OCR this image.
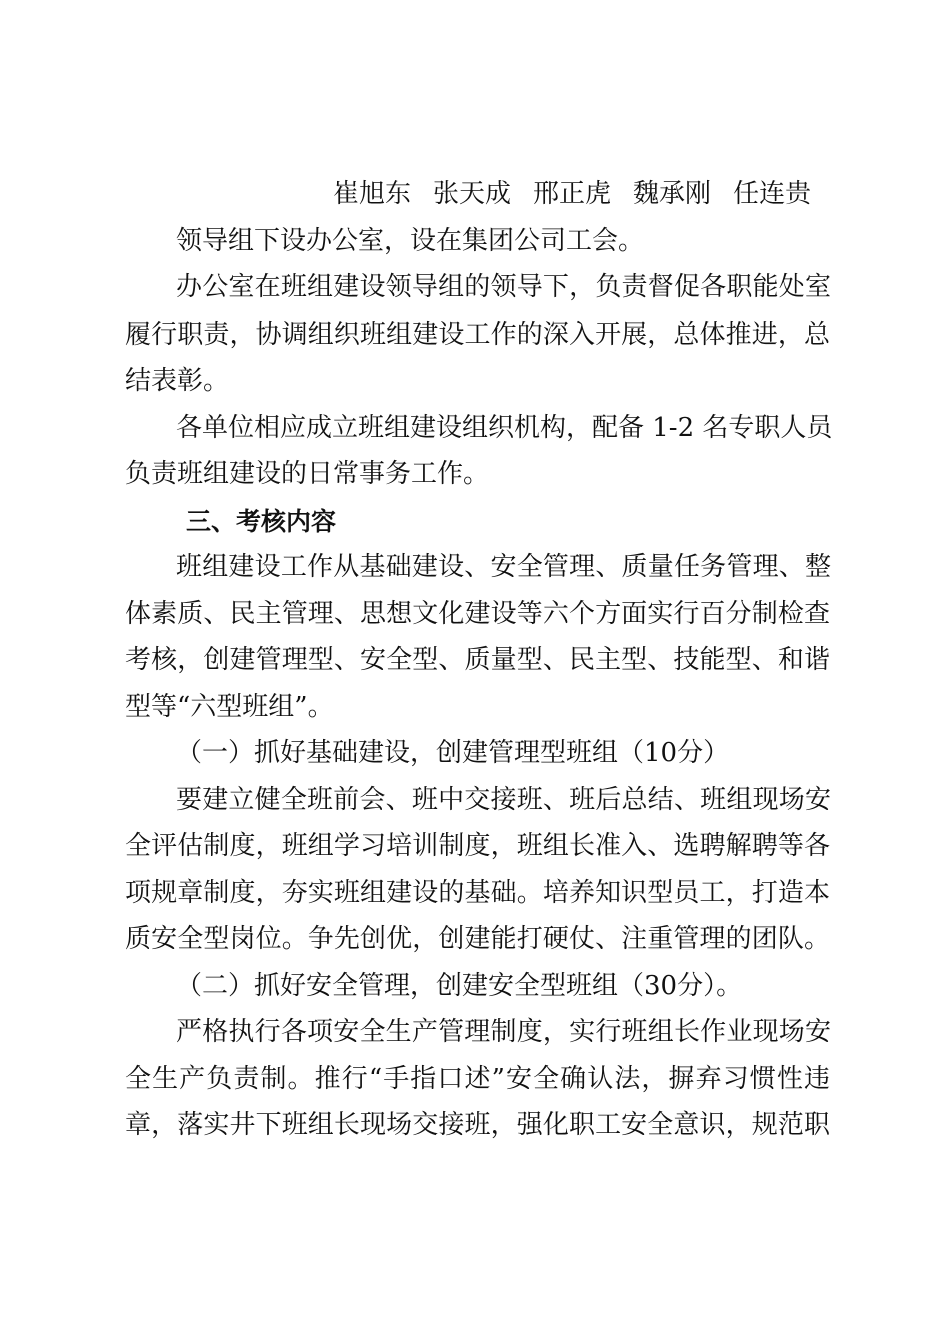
崔旭东 张天成 邢正虎 魏承刚 任连贵
领导组下设办公室，设在集团公司工会。
办公室在班组建设领导组的领导下，负责督促各职能处室
履行职责，协调组织班组建设工作的深入开展，总体推进，总
结表彰。
各单位相应成立班组建设组织机构，配备 1-2 名专职人员
负责班组建设的日常事务工作。
三、考核内容
班组建设工作从基础建设、安全管理、质量任务管理、整
体素质、民主管理、思想文化建设等六个方面实行百分制检查
考核，创建管理型、安全型、质量型、民主型、技能型、和谐
型等“六型班组”。
（一）抓好基础建设，创建管理型班组（10分）
要建立健全班前会、班中交接班、班后总结、班组现场安
全评估制度，班组学习培训制度，班组长准入、选聘解聘等各
项规章制度，夯实班组建设的基础。培养知识型员工，打造本
质安全型岗位。争先创优，创建能打硬仗、注重管理的团队。
（二）抓好安全管理，创建安全型班组（30分）。
严格执行各项安全生产管理制度，实行班组长作业现场安
全生产负责制。推行“手指口述”安全确认法，摒弃习惯性违
章，落实井下班组长现场交接班，强化职工安全意识，规范职
